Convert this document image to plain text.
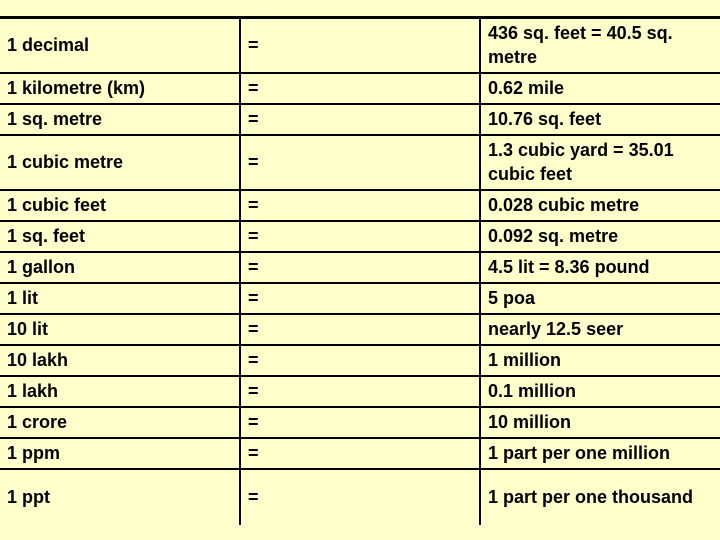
1 decimal	=	436 sq. feet = 40.5 sq. metre
1 kilometre (km)	=	0.62 mile
1 sq. metre	=	10.76 sq. feet
1 cubic metre	=	1.3 cubic yard = 35.01 cubic feet
1 cubic feet	=	0.028 cubic metre
1 sq. feet	=	0.092 sq. metre
1 gallon	=	4.5 lit = 8.36 pound
1 lit	=	5 poa
10 lit	=	nearly 12.5 seer
10 lakh	=	1 million
1 lakh	=	0.1 million
1 crore	=	10 million
1 ppm	=	1 part per one million
1 ppt	=	1 part per one thousand
